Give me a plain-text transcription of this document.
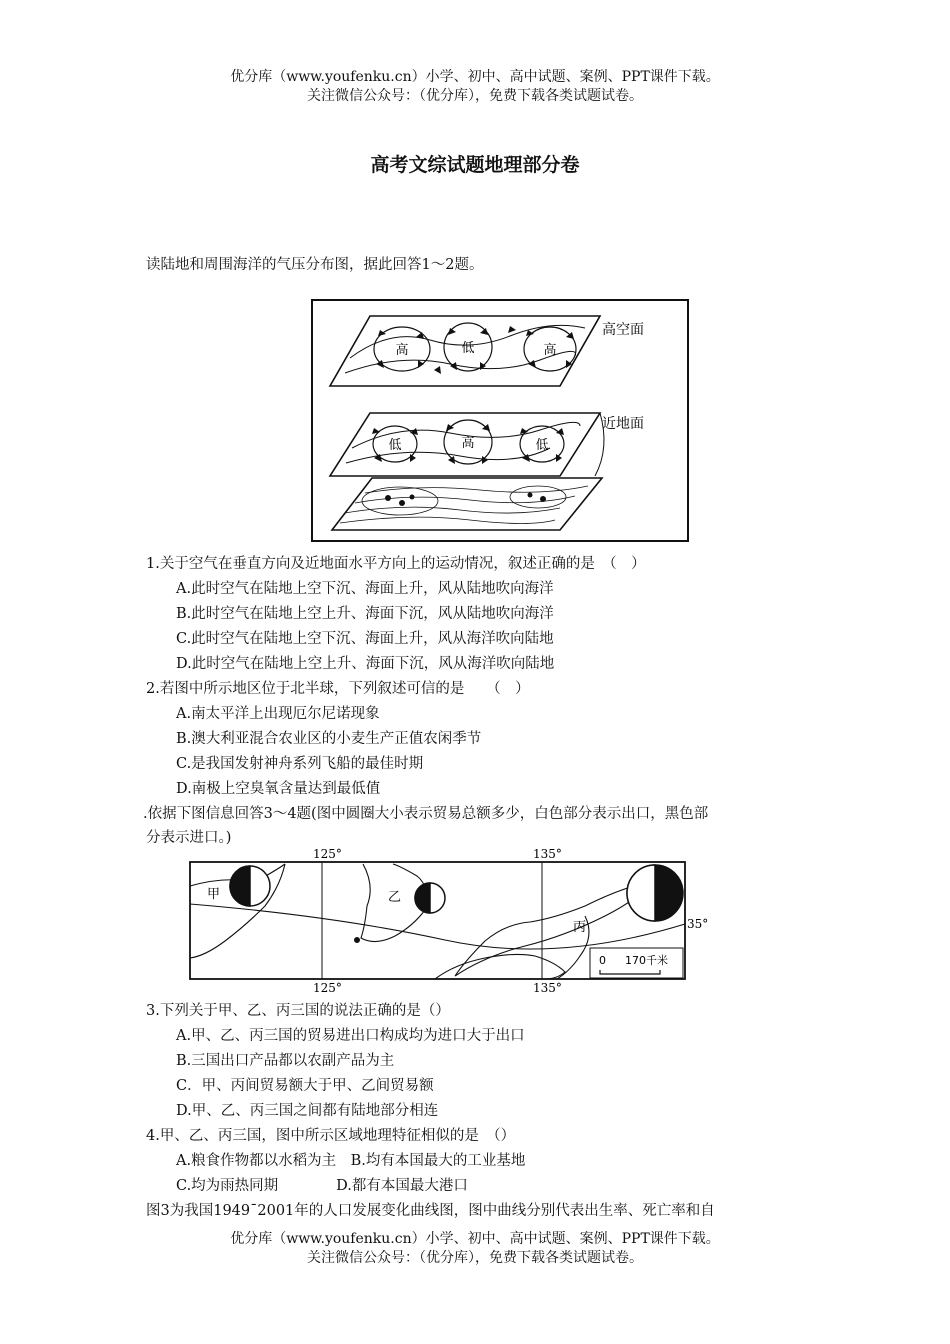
优分库（www.youfenku.cn）小学、初中、高中试题、案例、PPT课件下载。
关注微信公众号：（优分库），免费下载各类试题试卷。
高考文综试题地理部分卷
读陆地和周围海洋的气压分布图，据此回答1～2题。
高	低	高
高空面
低	高	低
近地面
1.关于空气在垂直方向及近地面水平方向上的运动情况，叙述正确的是　（　）
A.此时空气在陆地上空下沉、海面上升，风从陆地吹向海洋
B.此时空气在陆地上空上升、海面下沉，风从陆地吹向海洋
C.此时空气在陆地上空下沉、海面上升，风从海洋吹向陆地
D.此时空气在陆地上空上升、海面下沉，风从海洋吹向陆地
2.若图中所示地区位于北半球，下列叙述可信的是　　（　）
A.南太平洋上出现厄尔尼诺现象
B.澳大利亚混合农业区的小麦生产正值农闲季节
C.是我国发射神舟系列飞船的最佳时期
D.南极上空臭氧含量达到最低值
.依据下图信息回答3～4题(图中圆圈大小表示贸易总额多少，白色部分表示出口，黑色部
分表示进口。)
125°
125°
135°
135°
35°
甲	乙
丙
0 170千米
3.下列关于甲、乙、丙三国的说法正确的是（）
A.甲、乙、丙三国的贸易进出口构成均为进口大于出口
B.三国出口产品都以农副产品为主
C．甲、丙间贸易额大于甲、乙间贸易额
D.甲、乙、丙三国之间都有陆地部分相连
4.甲、乙、丙三国，图中所示区域地理特征相似的是　（）
A.粮食作物都以水稻为主　B.均有本国最大的工业基地
C.均为雨热同期　　　　D.都有本国最大港口
图3为我国1949¯2001年的人口发展变化曲线图，图中曲线分别代表出生率、死亡率和自
优分库（www.youfenku.cn）小学、初中、高中试题、案例、PPT课件下载。
关注微信公众号：（优分库），免费下载各类试题试卷。
